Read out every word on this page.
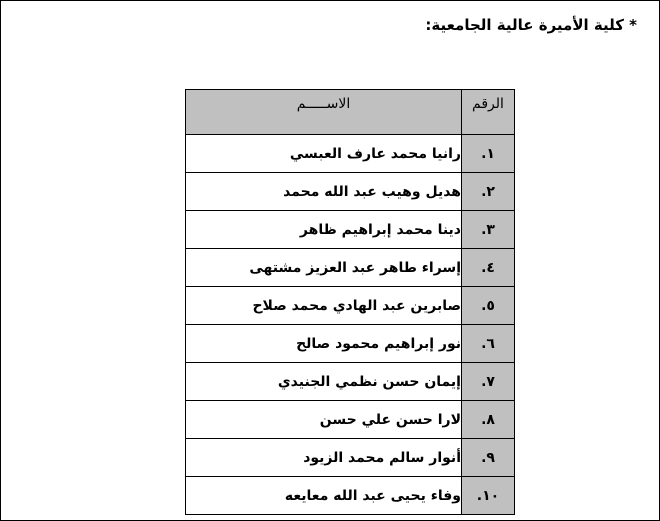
* كلية الأميرة عالية الجامعية:
الرقم	الاســـــم
١.	رانيا محمد عارف العبسي
٢.	هديل وهيب عبد الله محمد
٣.	دينا محمد إبراهيم ظاهر
٤.	إسراء طاهر عبد العزيز مشتهى
٥.	صابرين عبد الهادي محمد صلاح
٦.	نور إبراهيم محمود صالح
٧.	إيمان حسن نظمي الجنيدي
٨.	لارا حسن علي حسن
٩.	أنوار سالم محمد الزيود
١٠.	وفاء يحيى عبد الله معايعه
